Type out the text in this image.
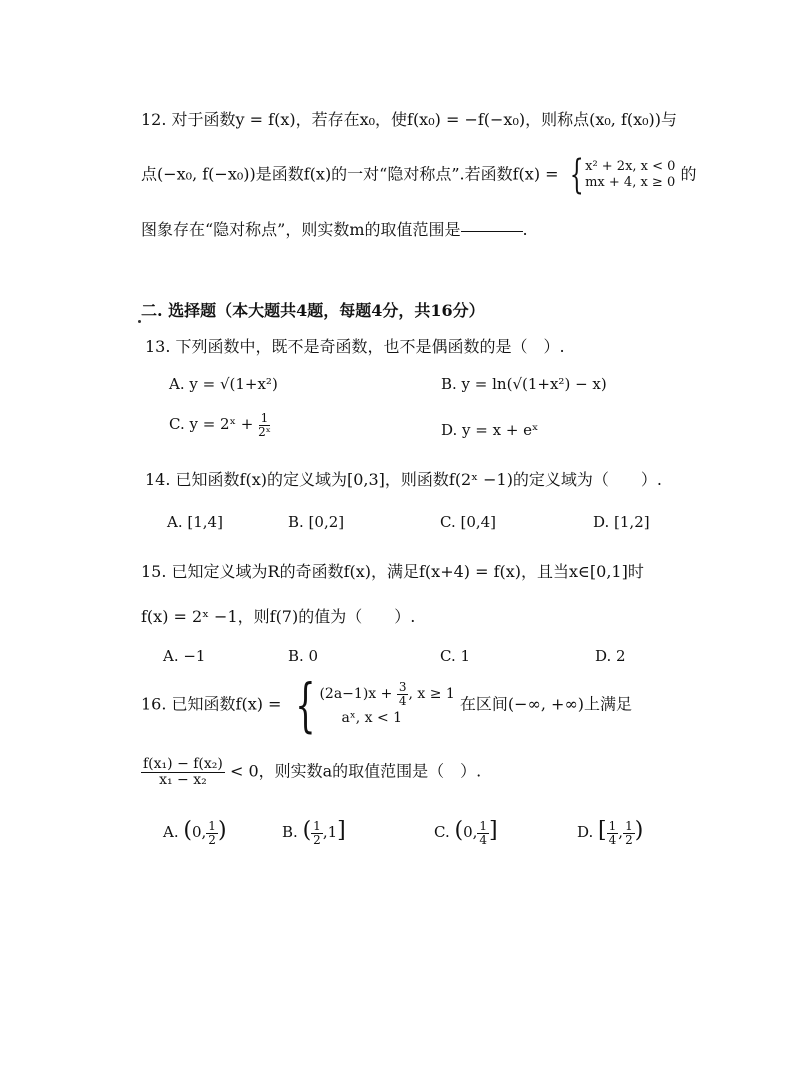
12. 对于函数y = f(x)，若存在x₀，使f(x₀) = −f(−x₀)，则称点(x₀, f(x₀))与
点(−x₀, f(−x₀))是函数f(x)的一对“隐对称点”.若函数f(x) = { x² + 2x, x < 0
mx + 4, x ≥ 0 的
图象存在“隐对称点”，则实数m的取值范围是	.
二. 选择题（本大题共4题，每题4分，共16分）
13. 下列函数中，既不是奇函数，也不是偶函数的是（　）.
A. y = √(1+x²)	B. y = ln(√(1+x²) − x)
C. y = 2ˣ + $\frac{1}{\text{2ˣ}}$	D. y = x + eˣ
14. 已知函数f(x)的定义域为[0,3]，则函数f(2ˣ −1)的定义域为（　　）.
A. [1,4]	B. [0,2]	C. [0,4]	D. [1,2]
15. 已知定义域为R的奇函数f(x)，满足f(x+4) = f(x)，且当x∈[0,1]时
f(x) = 2ˣ −1，则f(7)的值为（　　）.
A. −1	B. 0	C. 1	D. 2
16. 已知函数f(x) = { $(2a-1)x + \frac{3}{4}$ , x ≥ 1
aˣ, x < 1
在区间(−∞, +∞)上满足
$\frac{\text{f(x₁) − f(x₂)}}{\text{x₁ − x₂}} < 0$，则实数a的取值范围是（　）.
A. (0, $\frac{1}{2}$ )	B. ( $\frac{1}{2} ,1$]	C. (0, $\frac{1}{4}$ ]	D. [ $\frac{1}{4}$ , $\frac{1}{2}$ )
